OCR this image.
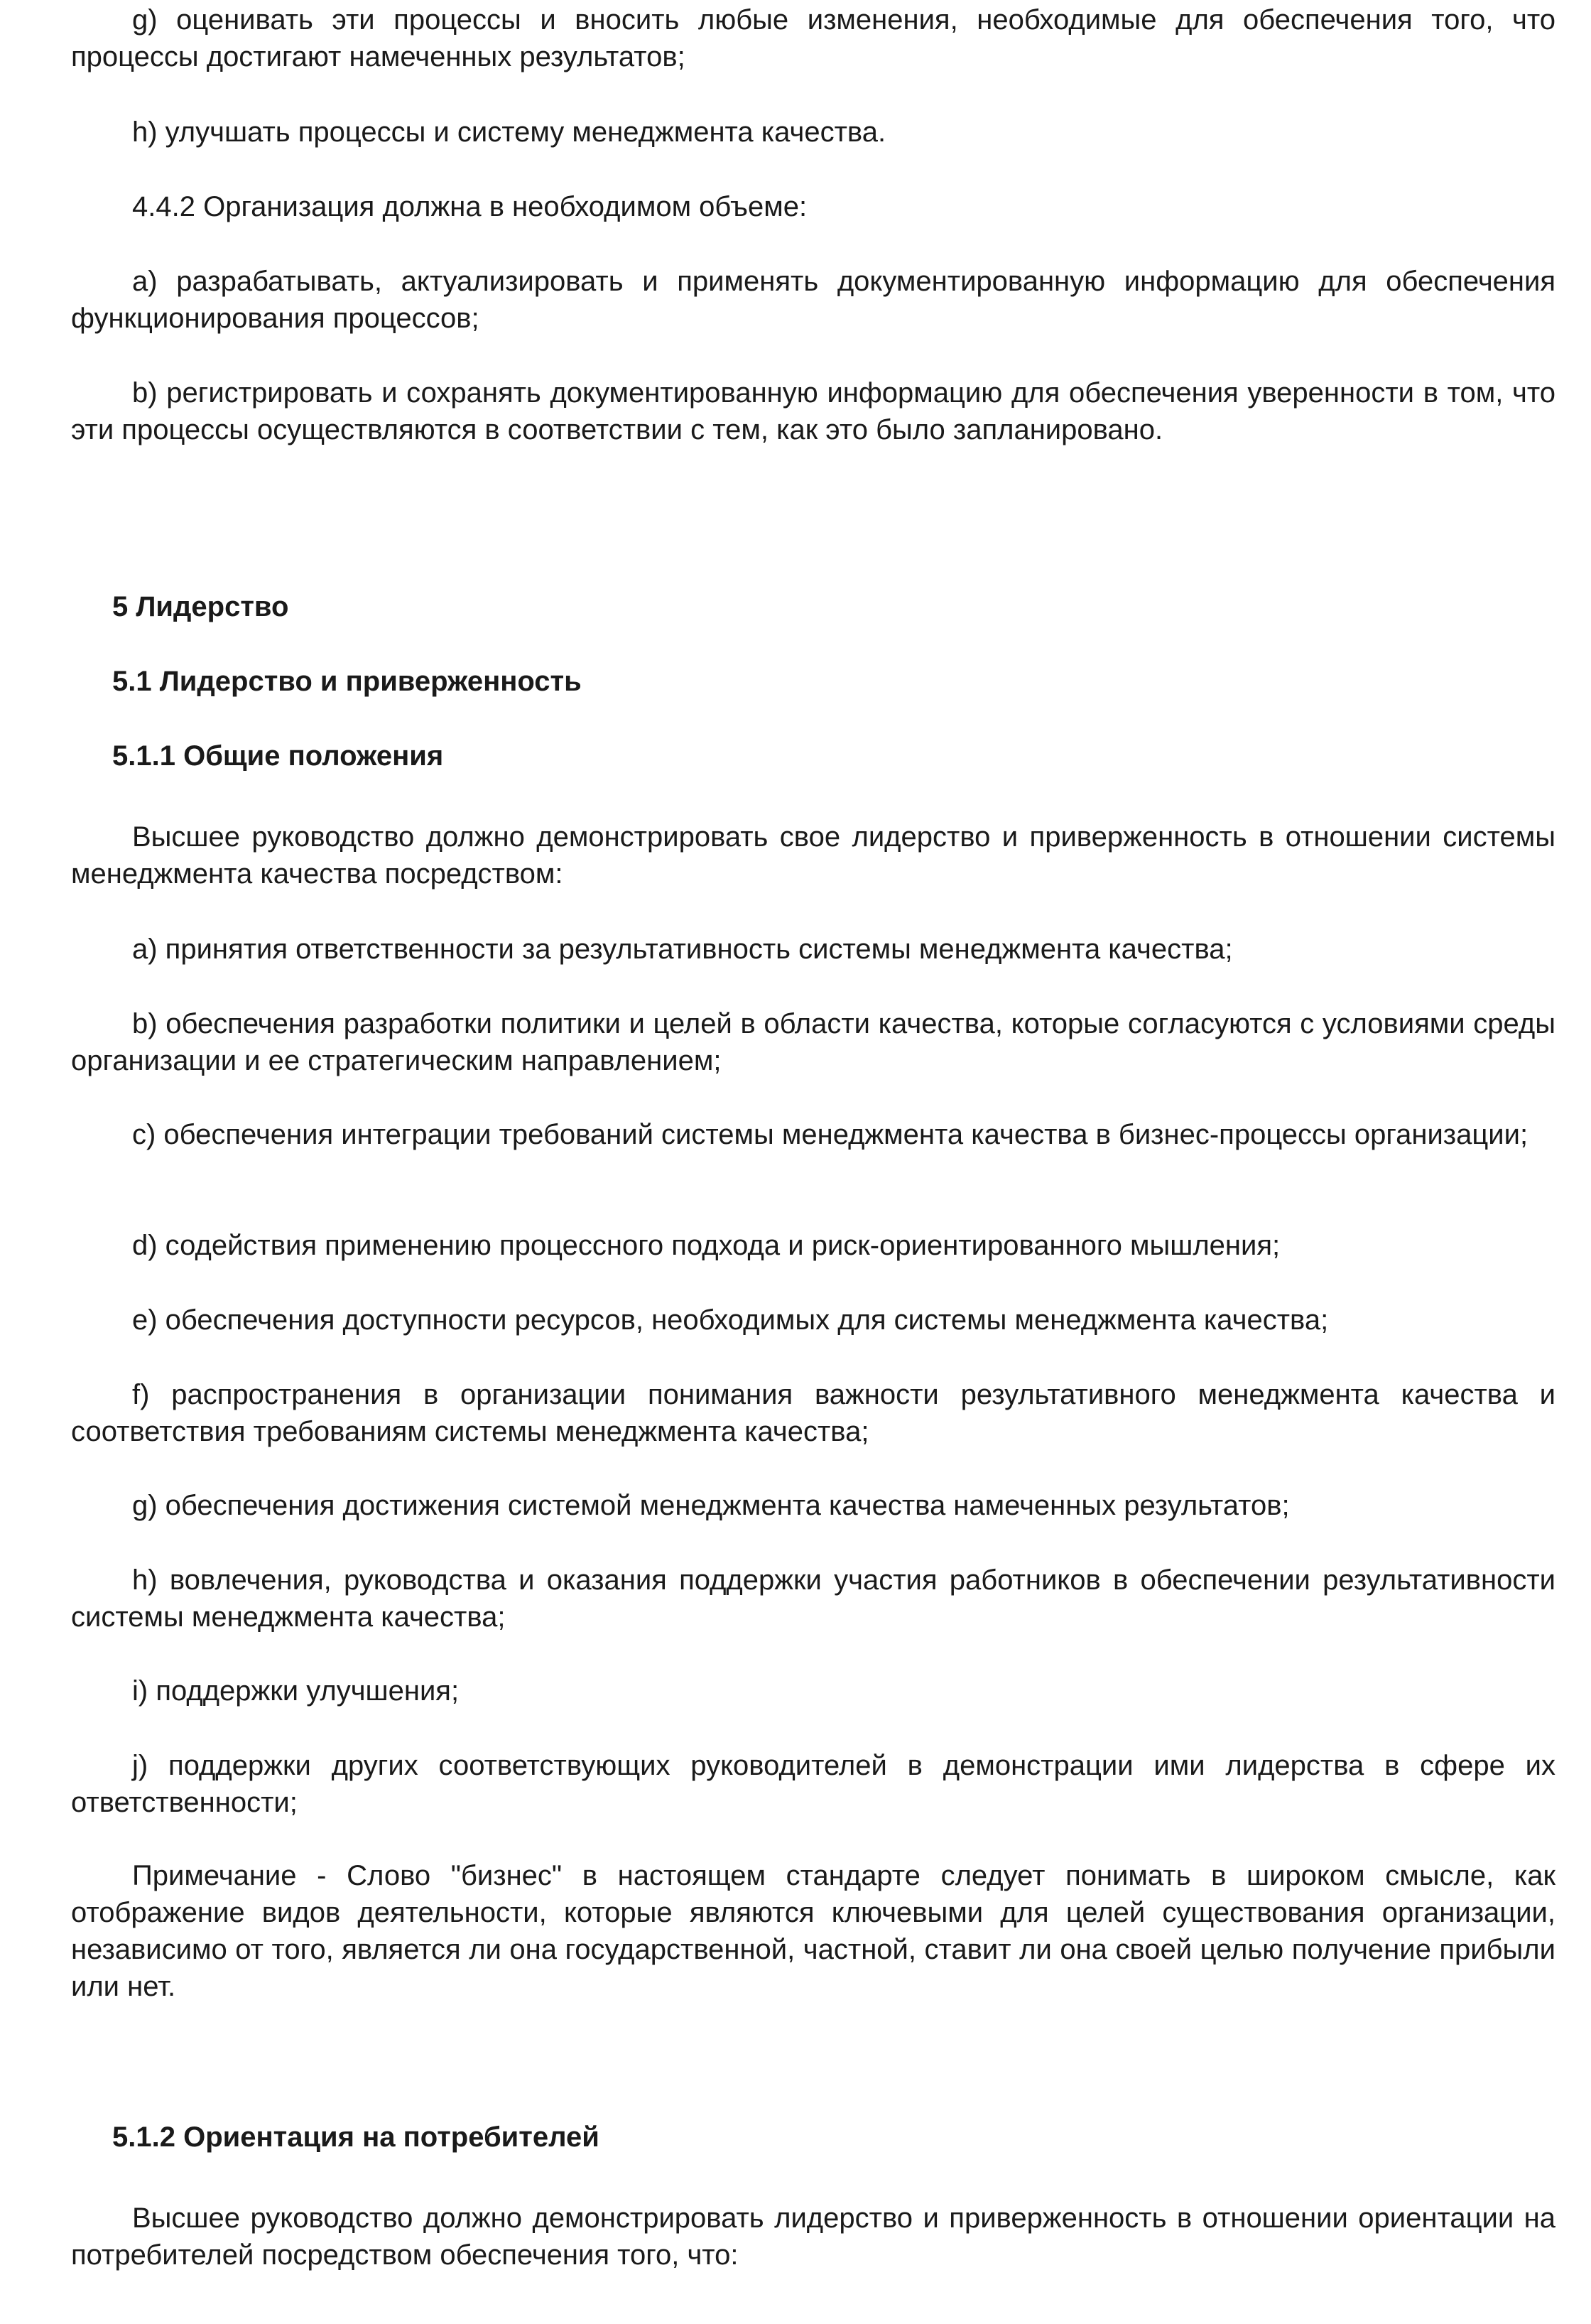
g) оценивать эти процессы и вносить любые изменения, необходимые для обеспечения того, что процессы достигают намеченных результатов;

h) улучшать процессы и систему менеджмента качества.

4.4.2 Организация должна в необходимом объеме:

a) разрабатывать, актуализировать и применять документированную информацию для обеспечения функционирования процессов;

b) регистрировать и сохранять документированную информацию для обеспечения уверенности в том, что эти процессы осуществляются в соответствии с тем, как это было запланировано.

5 Лидерство
5.1 Лидерство и приверженность
5.1.1 Общие положения

Высшее руководство должно демонстрировать свое лидерство и приверженность в отношении системы менеджмента качества посредством:

a) принятия ответственности за результативность системы менеджмента качества;

b) обеспечения разработки политики и целей в области качества, которые согласуются с условиями среды организации и ее стратегическим направлением;

c) обеспечения интеграции требований системы менеджмента качества в бизнес-процессы организации;

d) содействия применению процессного подхода и риск-ориентированного мышления;

e) обеспечения доступности ресурсов, необходимых для системы менеджмента качества;

f) распространения в организации понимания важности результативного менеджмента качества и соответствия требованиям системы менеджмента качества;

g) обеспечения достижения системой менеджмента качества намеченных результатов;

h) вовлечения, руководства и оказания поддержки участия работников в обеспечении результативности системы менеджмента качества;

i) поддержки улучшения;

j) поддержки других соответствующих руководителей в демонстрации ими лидерства в сфере их ответственности;

Примечание - Слово "бизнес" в настоящем стандарте следует понимать в широком смысле, как отображение видов деятельности, которые являются ключевыми для целей существования организации, независимо от того, является ли она государственной, частной, ставит ли она своей целью получение прибыли или нет.

5.1.2 Ориентация на потребителей

Высшее руководство должно демонстрировать лидерство и приверженность в отношении ориентации на потребителей посредством обеспечения того, что:
